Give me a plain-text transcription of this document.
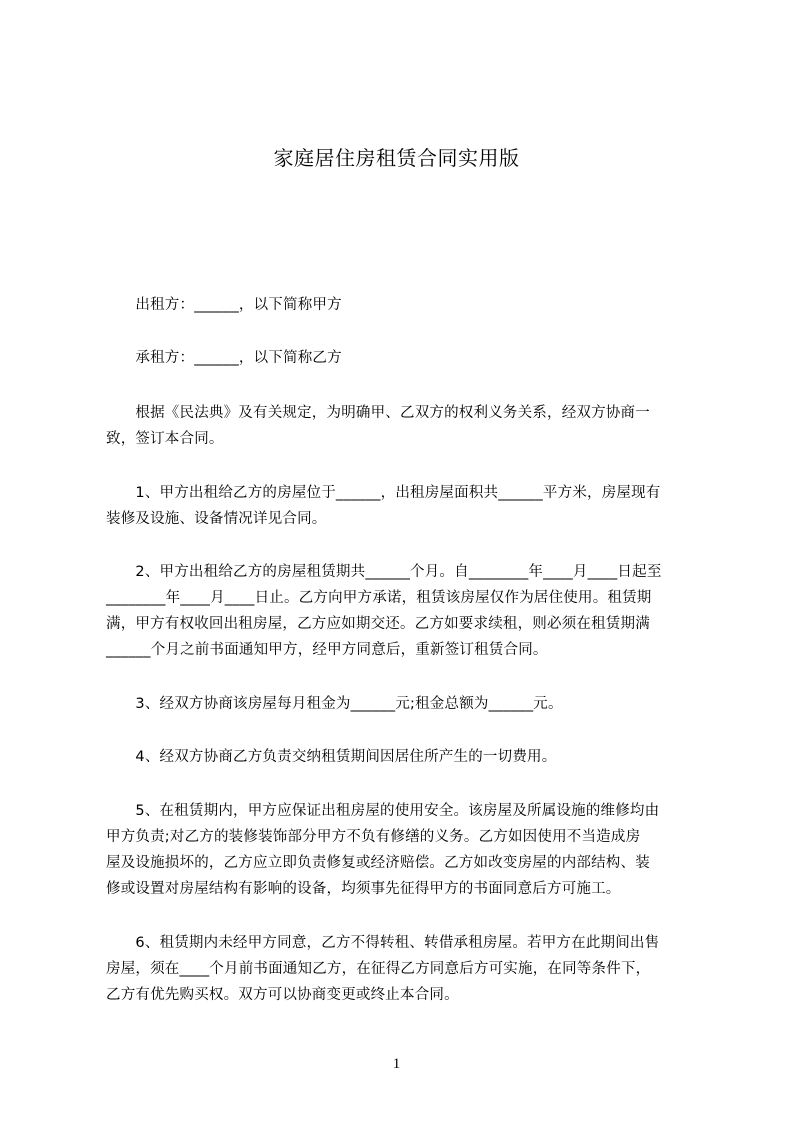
家庭居住房租赁合同实用版
　　出租方：______，以下简称甲方
　　承租方：______，以下简称乙方
　　根据《民法典》及有关规定，为明确甲、乙双方的权利义务关系，经双方协商一
致，签订本合同。
　　1、甲方出租给乙方的房屋位于______，出租房屋面积共______平方米，房屋现有
装修及设施、设备情况详见合同。
　　2、甲方出租给乙方的房屋租赁期共______个月。自________年____月____日起至
________年____月____日止。乙方向甲方承诺，租赁该房屋仅作为居住使用。租赁期
满，甲方有权收回出租房屋，乙方应如期交还。乙方如要求续租，则必须在租赁期满
______个月之前书面通知甲方，经甲方同意后，重新签订租赁合同。
　　3、经双方协商该房屋每月租金为______元;租金总额为______元。
　　4、经双方协商乙方负责交纳租赁期间因居住所产生的一切费用。
　　5、在租赁期内，甲方应保证出租房屋的使用安全。该房屋及所属设施的维修均由
甲方负责;对乙方的装修装饰部分甲方不负有修缮的义务。乙方如因使用不当造成房
屋及设施损坏的，乙方应立即负责修复或经济赔偿。乙方如改变房屋的内部结构、装
修或设置对房屋结构有影响的设备，均须事先征得甲方的书面同意后方可施工。
　　6、租赁期内未经甲方同意，乙方不得转租、转借承租房屋。若甲方在此期间出售
房屋，须在____个月前书面通知乙方，在征得乙方同意后方可实施，在同等条件下，
乙方有优先购买权。双方可以协商变更或终止本合同。
1
